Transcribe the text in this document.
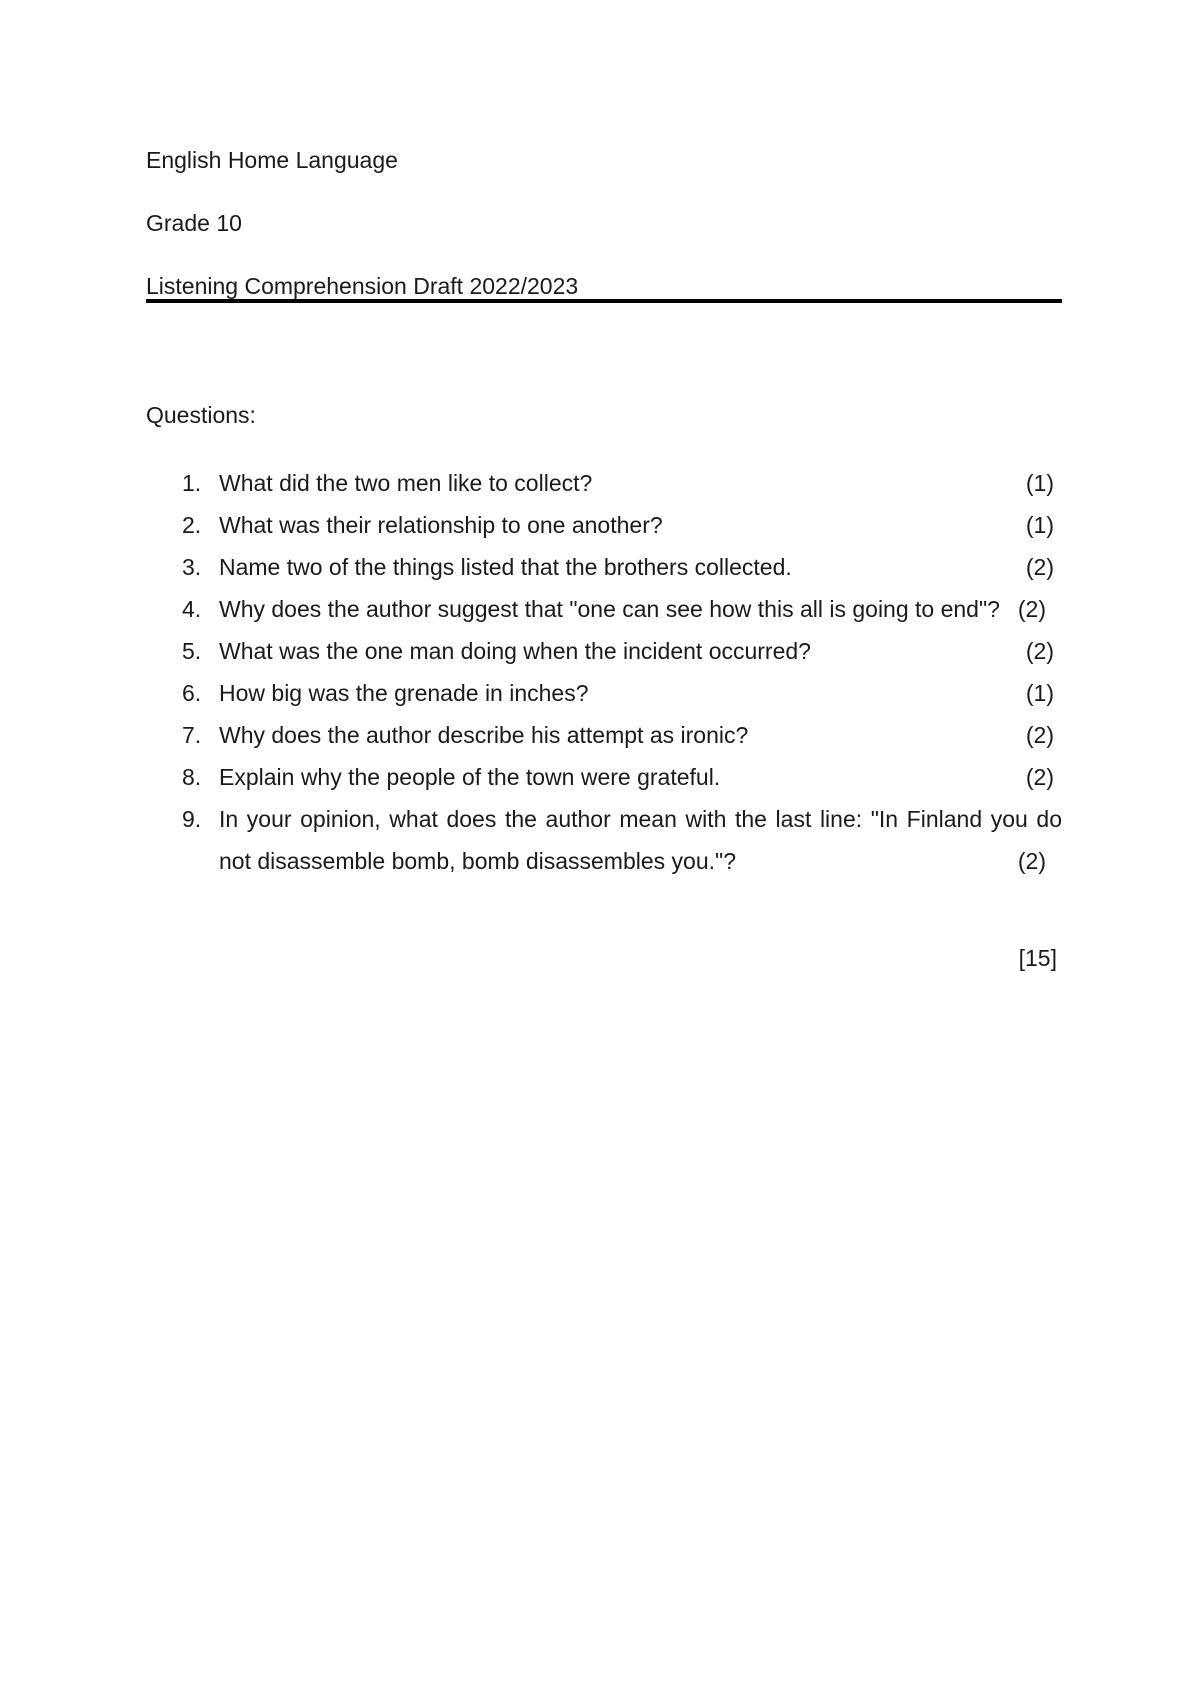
English Home Language
Grade 10
Listening Comprehension Draft 2022/2023
Questions:
1.	(1)
What did the two men like to collect?
2.	(1)
What was their relationship to one another?
3.	(2)
Name two of the things listed that the brothers collected.
4. Why does the author suggest that "one can see how this all is going to end"? (2)
5.	(2)
What was the one man doing when the incident occurred?
6.	(1)
How big was the grenade in inches?
7.	(2)
Why does the author describe his attempt as ironic?
8.	(2)
Explain why the people of the town were grateful.
9. In your opinion, what does the author mean with the last line: "In Finland you do not disassemble bomb, bomb disassembles you."?	(2)
[15]
